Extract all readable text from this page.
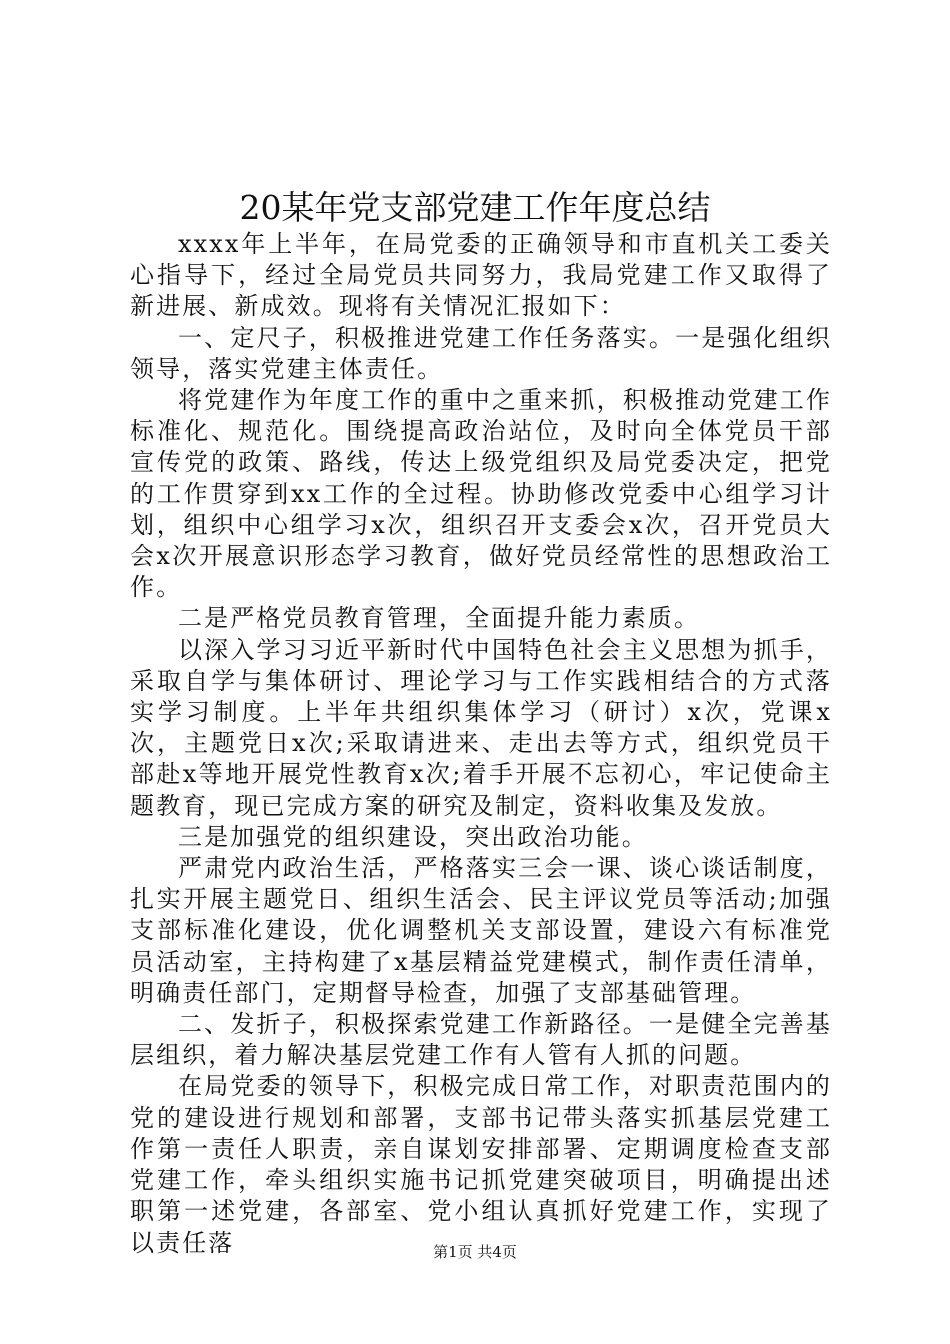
20某年党支部党建工作年度总结

xxxx年上半年，在局党委的正确领导和市直机关工委关心指导下，经过全局党员共同努力，我局党建工作又取得了新进展、新成效。现将有关情况汇报如下：

一、定尺子，积极推进党建工作任务落实。一是强化组织领导，落实党建主体责任。

将党建作为年度工作的重中之重来抓，积极推动党建工作标准化、规范化。围绕提高政治站位，及时向全体党员干部宣传党的政策、路线，传达上级党组织及局党委决定，把党的工作贯穿到xx工作的全过程。协助修改党委中心组学习计划，组织中心组学习x次，组织召开支委会x次，召开党员大会x次开展意识形态学习教育，做好党员经常性的思想政治工作。

二是严格党员教育管理，全面提升能力素质。

以深入学习习近平新时代中国特色社会主义思想为抓手，采取自学与集体研讨、理论学习与工作实践相结合的方式落实学习制度。上半年共组织集体学习（研讨）x次，党课x次，主题党日x次;采取请进来、走出去等方式，组织党员干部赴x等地开展党性教育x次;着手开展不忘初心，牢记使命主题教育，现已完成方案的研究及制定，资料收集及发放。

三是加强党的组织建设，突出政治功能。

严肃党内政治生活，严格落实三会一课、谈心谈话制度，扎实开展主题党日、组织生活会、民主评议党员等活动;加强支部标准化建设，优化调整机关支部设置，建设六有标准党员活动室，主持构建了x基层精益党建模式，制作责任清单，明确责任部门，定期督导检查，加强了支部基础管理。

二、发折子，积极探索党建工作新路径。一是健全完善基层组织，着力解决基层党建工作有人管有人抓的问题。

在局党委的领导下，积极完成日常工作，对职责范围内的党的建设进行规划和部署，支部书记带头落实抓基层党建工作第一责任人职责，亲自谋划安排部署、定期调度检查支部党建工作，牵头组织实施书记抓党建突破项目，明确提出述职第一述党建，各部室、党小组认真抓好党建工作，实现了以责任落	第1页 共4页
